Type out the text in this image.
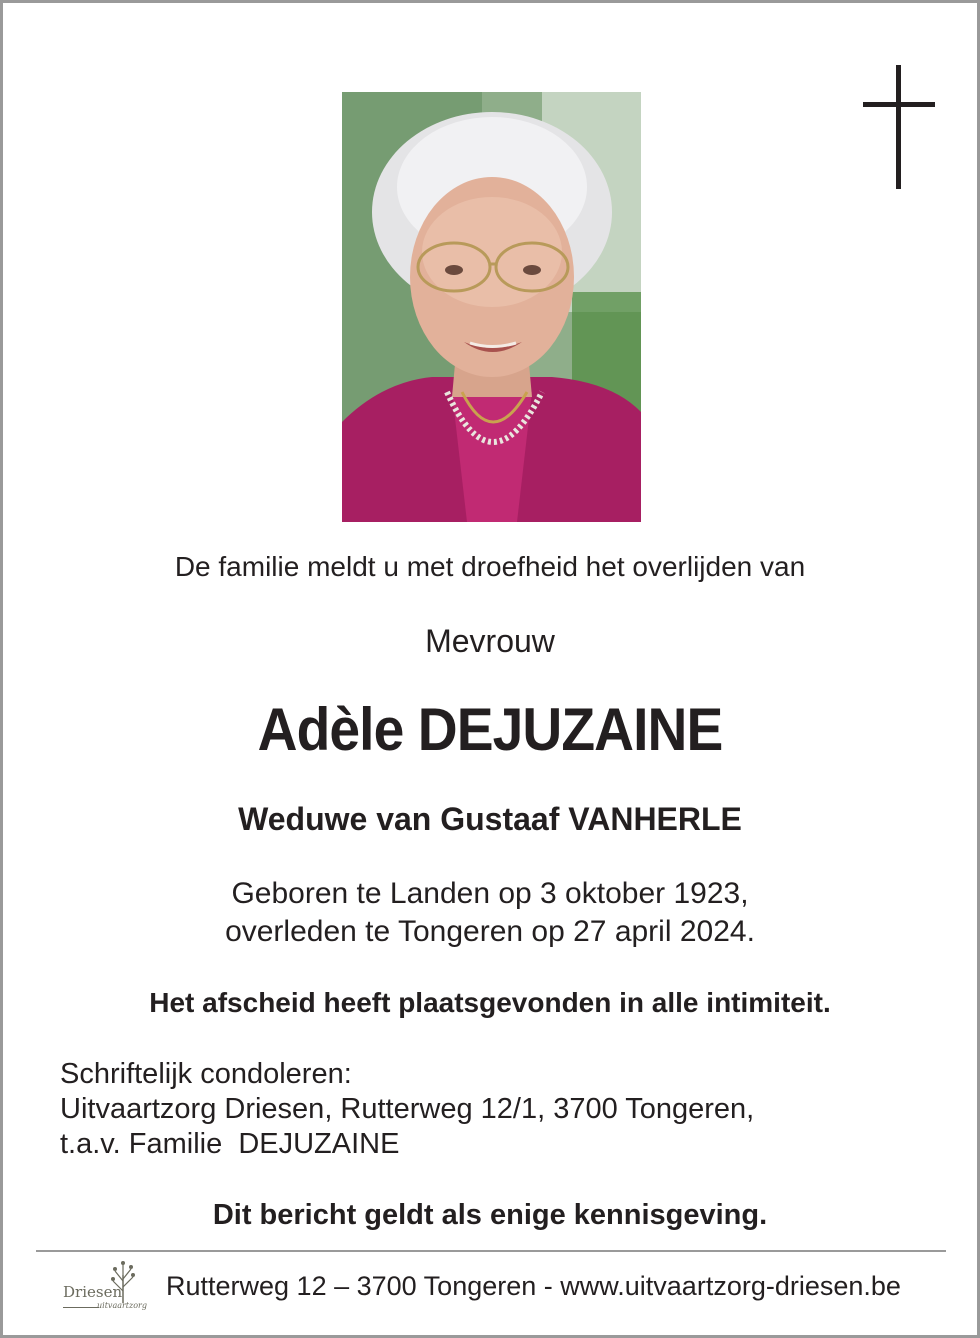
De familie meldt u met droefheid het overlijden van
Mevrouw
Adèle DEJUZAINE
Weduwe van Gustaaf VANHERLE
Geboren te Landen op 3 oktober 1923,
overleden te Tongeren op 27 april 2024.
Het afscheid heeft plaatsgevonden in alle intimiteit.
Schriftelijk condoleren:
Uitvaartzorg Driesen, Rutterweg 12/1, 3700 Tongeren,
t.a.v. Familie  DEJUZAINE
Dit bericht geldt als enige kennisgeving.
Driesen
uitvaartzorg
Rutterweg 12 – 3700 Tongeren - www.uitvaartzorg-driesen.be
